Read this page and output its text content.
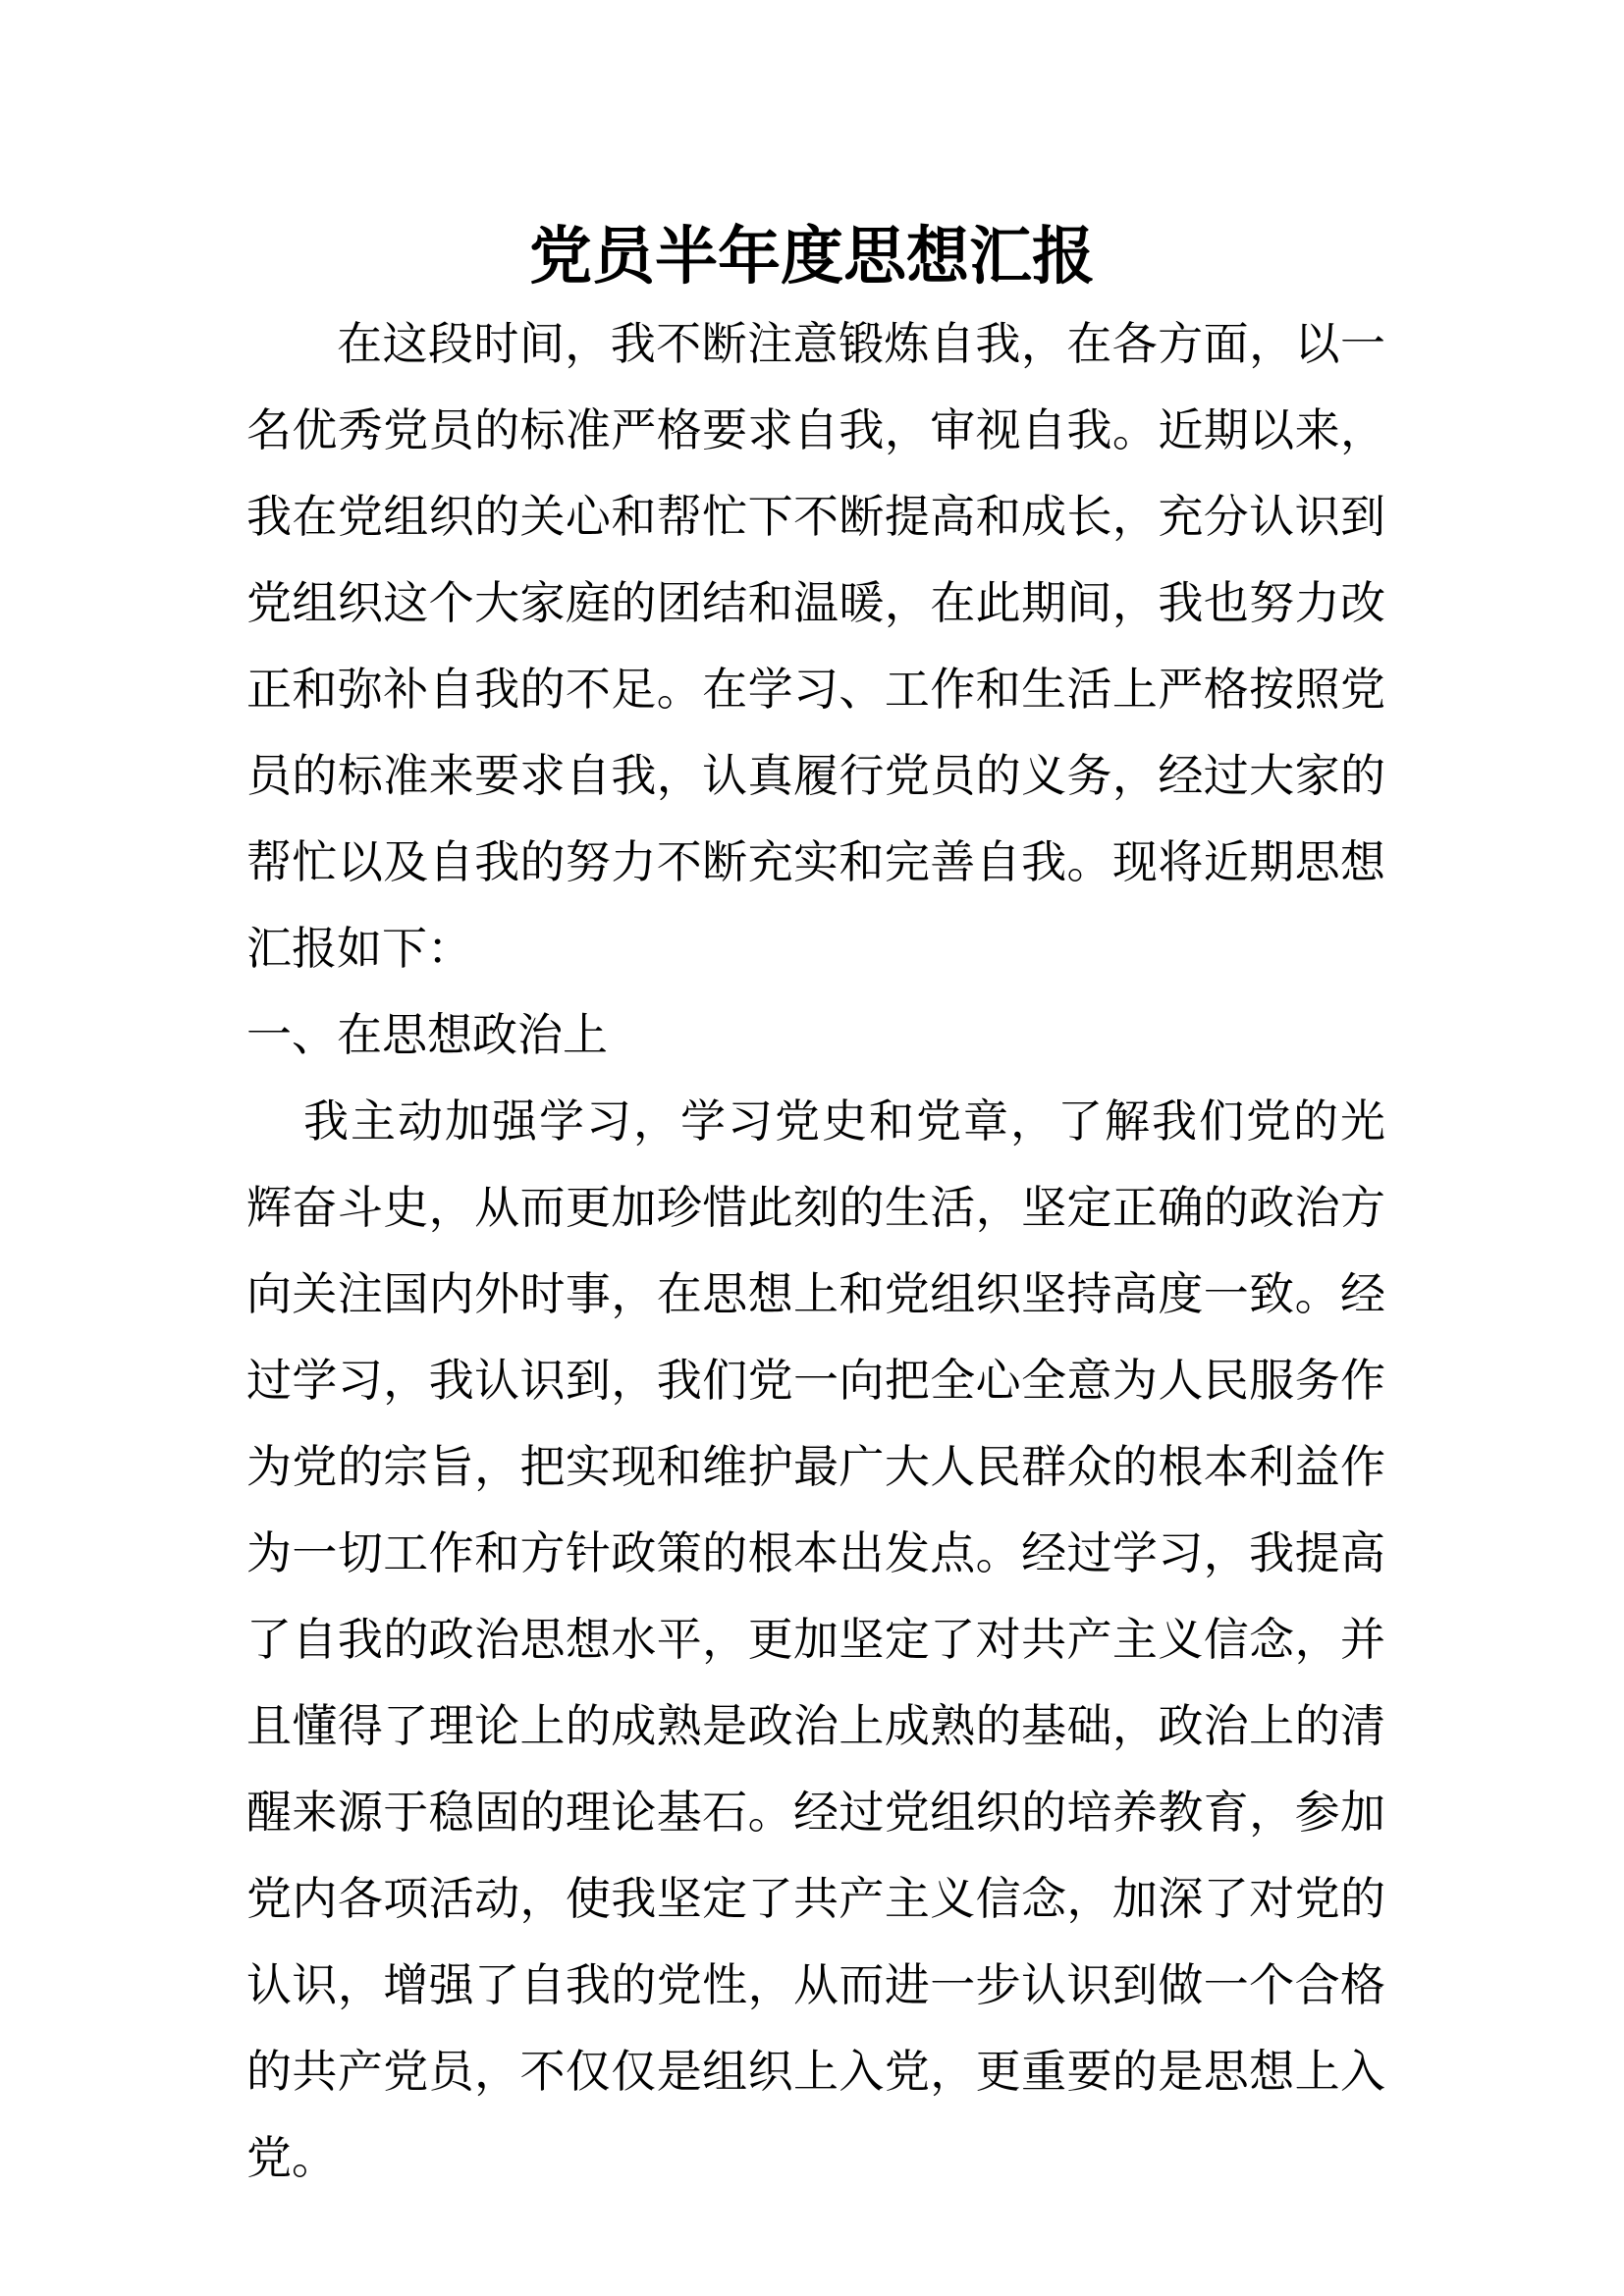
党员半年度思想汇报

在这段时间，我不断注意锻炼自我，在各方面，以一名优秀党员的标准严格要求自我，审视自我。近期以来，我在党组织的关心和帮忙下不断提高和成长，充分认识到党组织这个大家庭的团结和温暖，在此期间，我也努力改正和弥补自我的不足。在学习、工作和生活上严格按照党员的标准来要求自我，认真履行党员的义务，经过大家的帮忙以及自我的努力不断充实和完善自我。现将近期思想汇报如下：

一、在思想政治上

我主动加强学习，学习党史和党章，了解我们党的光辉奋斗史，从而更加珍惜此刻的生活，坚定正确的政治方向关注国内外时事，在思想上和党组织坚持高度一致。经过学习，我认识到，我们党一向把全心全意为人民服务作为党的宗旨，把实现和维护最广大人民群众的根本利益作为一切工作和方针政策的根本出发点。经过学习，我提高了自我的政治思想水平，更加坚定了对共产主义信念，并且懂得了理论上的成熟是政治上成熟的基础，政治上的清醒来源于稳固的理论基石。经过党组织的培养教育，参加党内各项活动，使我坚定了共产主义信念，加深了对党的认识，增强了自我的党性，从而进一步认识到做一个合格的共产党员，不仅仅是组织上入党，更重要的是思想上入党。
